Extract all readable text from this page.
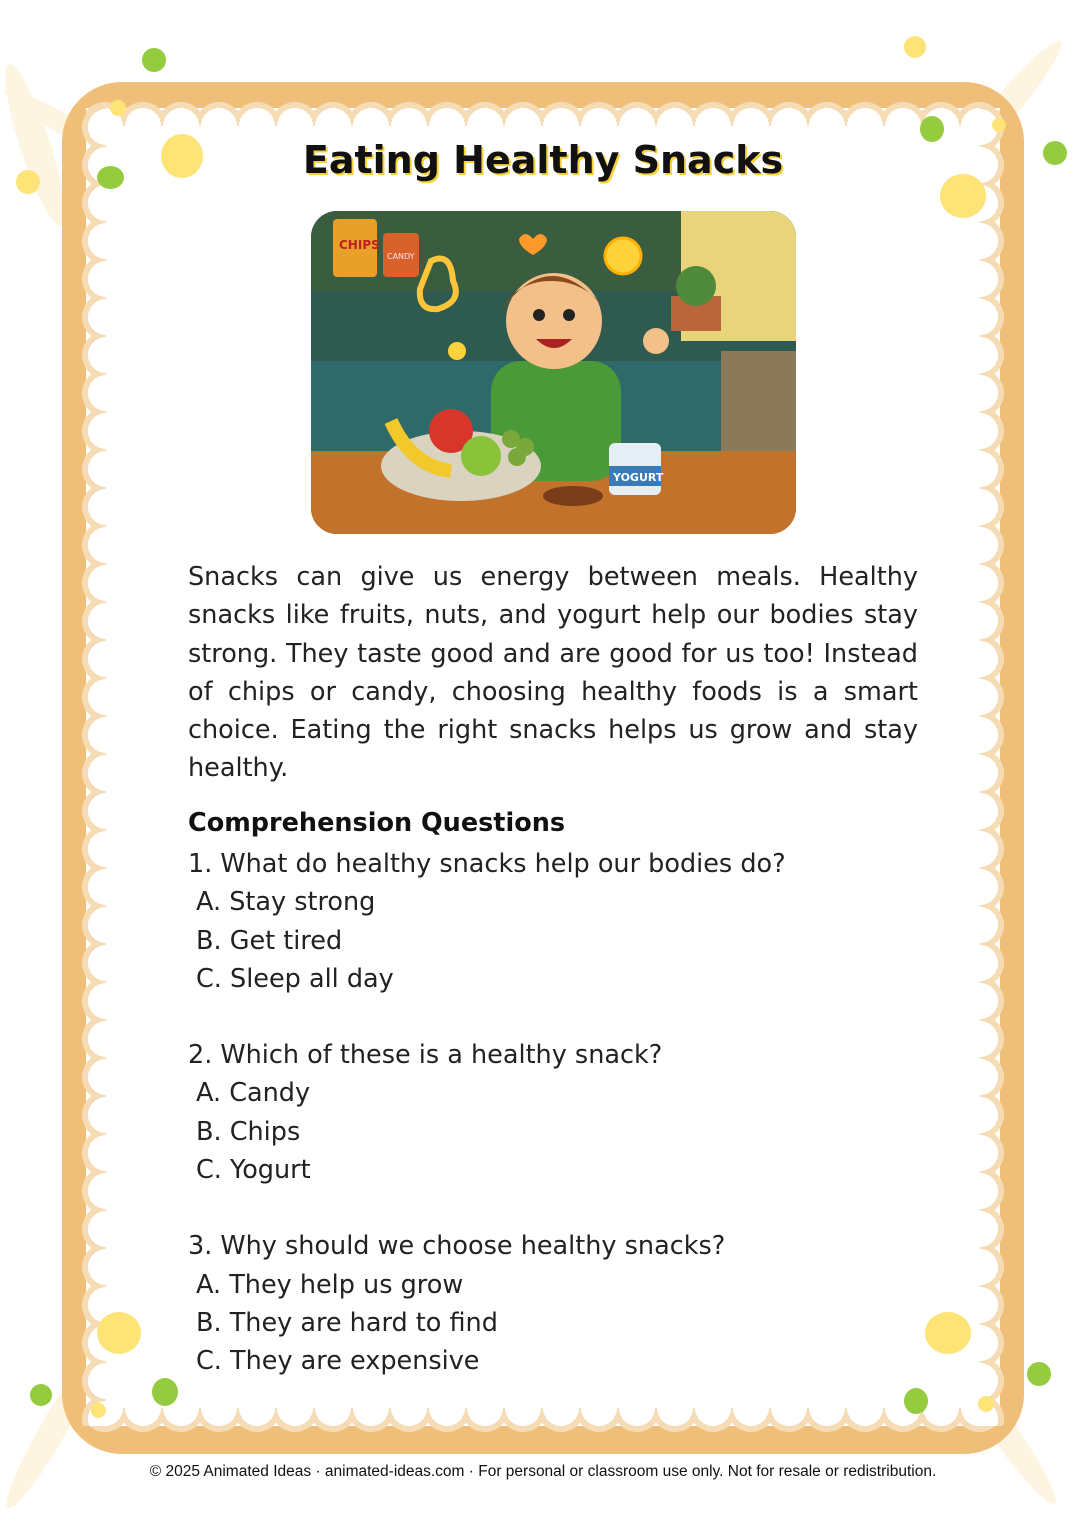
Eating Healthy Snacks
CHIPS
CANDY
YOGURT
Snacks can give us energy between meals. Healthy snacks like fruits, nuts, and yogurt help our bodies stay strong. They taste good and are good for us too! Instead of chips or candy, choosing healthy foods is a smart choice. Eating the right snacks helps us grow and stay healthy.
Comprehension Questions
1. What do healthy snacks help our bodies do?
A. Stay strong
B. Get tired
C. Sleep all day
2. Which of these is a healthy snack?
A. Candy
B. Chips
C. Yogurt
3. Why should we choose healthy snacks?
A. They help us grow
B. They are hard to find
C. They are expensive
© 2025 Animated Ideas · animated-ideas.com · For personal or classroom use only. Not for resale or redistribution.
